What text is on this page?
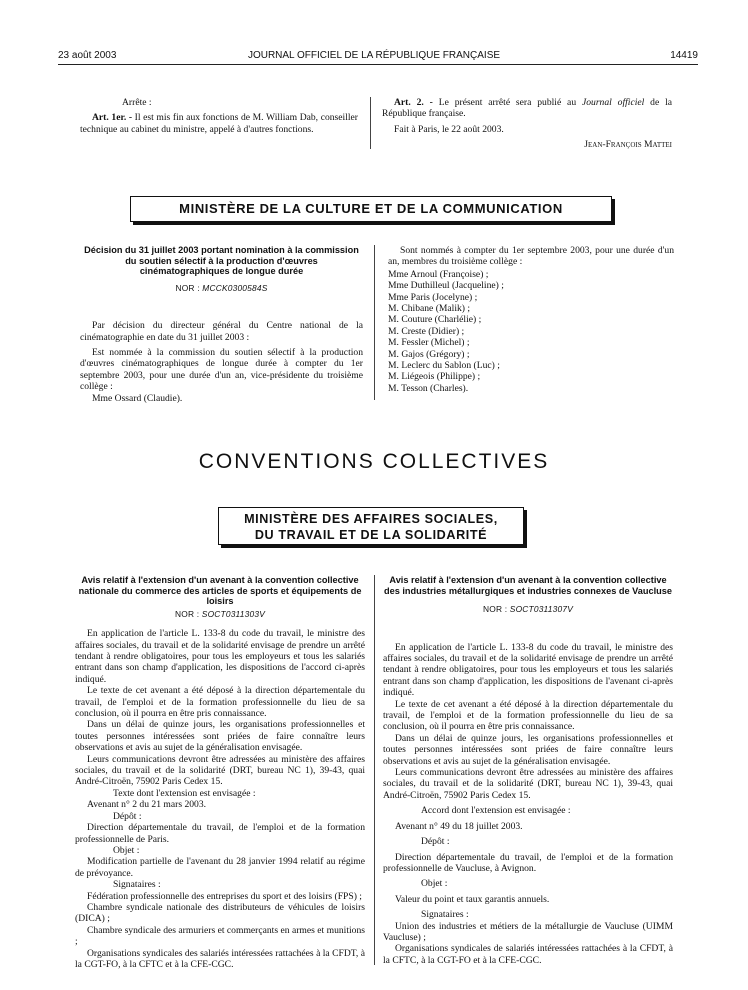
23 août 2003	JOURNAL OFFICIEL DE LA RÉPUBLIQUE FRANÇAISE	14419

Arrête :

Art. 1er. - Il est mis fin aux fonctions de M. William Dab, conseiller technique au cabinet du ministre, appelé à d'autres fonctions.

Art. 2. - Le présent arrêté sera publié au Journal officiel de la République française.

Fait à Paris, le 22 août 2003.

Jean-François Mattei

MINISTÈRE DE LA CULTURE ET DE LA COMMUNICATION
Décision du 31 juillet 2003 portant nomination à la commission du soutien sélectif à la production d'œuvres cinématographiques de longue durée
NOR : MCCK0300584S

Par décision du directeur général du Centre national de la cinématographie en date du 31 juillet 2003 :

Est nommée à la commission du soutien sélectif à la production d'œuvres cinématographiques de longue durée à compter du 1er septembre 2003, pour une durée d'un an, vice-présidente du troisième collège :

Mme Ossard (Claudie).

Sont nommés à compter du 1er septembre 2003, pour une durée d'un an, membres du troisième collège :

Mme Arnoul (Françoise) ;
Mme Duthilleul (Jacqueline) ;
Mme Paris (Jocelyne) ;
M. Chibane (Malik) ;
M. Couture (Charlélie) ;
M. Creste (Didier) ;
M. Fessler (Michel) ;
M. Gajos (Grégory) ;
M. Leclerc du Sablon (Luc) ;
M. Liégeois (Philippe) ;
M. Tesson (Charles).
CONVENTIONS COLLECTIVES
MINISTÈRE DES AFFAIRES SOCIALES,
DU TRAVAIL ET DE LA SOLIDARITÉ
Avis relatif à l'extension d'un avenant à la convention collective nationale du commerce des articles de sports et équipements de loisirs
NOR : SOCT0311303V

En application de l'article L. 133-8 du code du travail, le ministre des affaires sociales, du travail et de la solidarité envisage de prendre un arrêté tendant à rendre obligatoires, pour tous les employeurs et tous les salariés entrant dans son champ d'application, les dispositions de l'accord ci-après indiqué.

Le texte de cet avenant a été déposé à la direction départementale du travail, de l'emploi et de la formation professionnelle du lieu de sa conclusion, où il pourra en être pris connaissance.

Dans un délai de quinze jours, les organisations professionnelles et toutes personnes intéressées sont priées de faire connaître leurs observations et avis au sujet de la généralisation envisagée.

Leurs communications devront être adressées au ministère des affaires sociales, du travail et de la solidarité (DRT, bureau NC 1), 39-43, quai André-Citroën, 75902 Paris Cedex 15.

Texte dont l'extension est envisagée :

Avenant n° 2 du 21 mars 2003.

Dépôt :

Direction départementale du travail, de l'emploi et de la formation professionnelle de Paris.

Objet :

Modification partielle de l'avenant du 28 janvier 1994 relatif au régime de prévoyance.

Signataires :

Fédération professionnelle des entreprises du sport et des loisirs (FPS) ;

Chambre syndicale nationale des distributeurs de véhicules de loisirs (DICA) ;

Chambre syndicale des armuriers et commerçants en armes et munitions ;

Organisations syndicales des salariés intéressées rattachées à la CFDT, à la CGT-FO, à la CFTC et à la CFE-CGC.

Avis relatif à l'extension d'un avenant à la convention collective des industries métallurgiques et industries connexes de Vaucluse
NOR : SOCT0311307V

En application de l'article L. 133-8 du code du travail, le ministre des affaires sociales, du travail et de la solidarité envisage de prendre un arrêté tendant à rendre obligatoires, pour tous les employeurs et tous les salariés entrant dans son champ d'application, les dispositions de l'avenant ci-après indiqué.

Le texte de cet avenant a été déposé à la direction départementale du travail, de l'emploi et de la formation professionnelle du lieu de sa conclusion, où il pourra en être pris connaissance.

Dans un délai de quinze jours, les organisations professionnelles et toutes personnes intéressées sont priées de faire connaître leurs observations et avis au sujet de la généralisation envisagée.

Leurs communications devront être adressées au ministère des affaires sociales, du travail et de la solidarité (DRT, bureau NC 1), 39-43, quai André-Citroën, 75902 Paris Cedex 15.

Accord dont l'extension est envisagée :

Avenant n° 49 du 18 juillet 2003.

Dépôt :

Direction départementale du travail, de l'emploi et de la formation professionnelle de Vaucluse, à Avignon.

Objet :

Valeur du point et taux garantis annuels.

Signataires :

Union des industries et métiers de la métallurgie de Vaucluse (UIMM Vaucluse) ;

Organisations syndicales de salariés intéressées rattachées à la CFDT, à la CFTC, à la CGT-FO et à la CFE-CGC.
